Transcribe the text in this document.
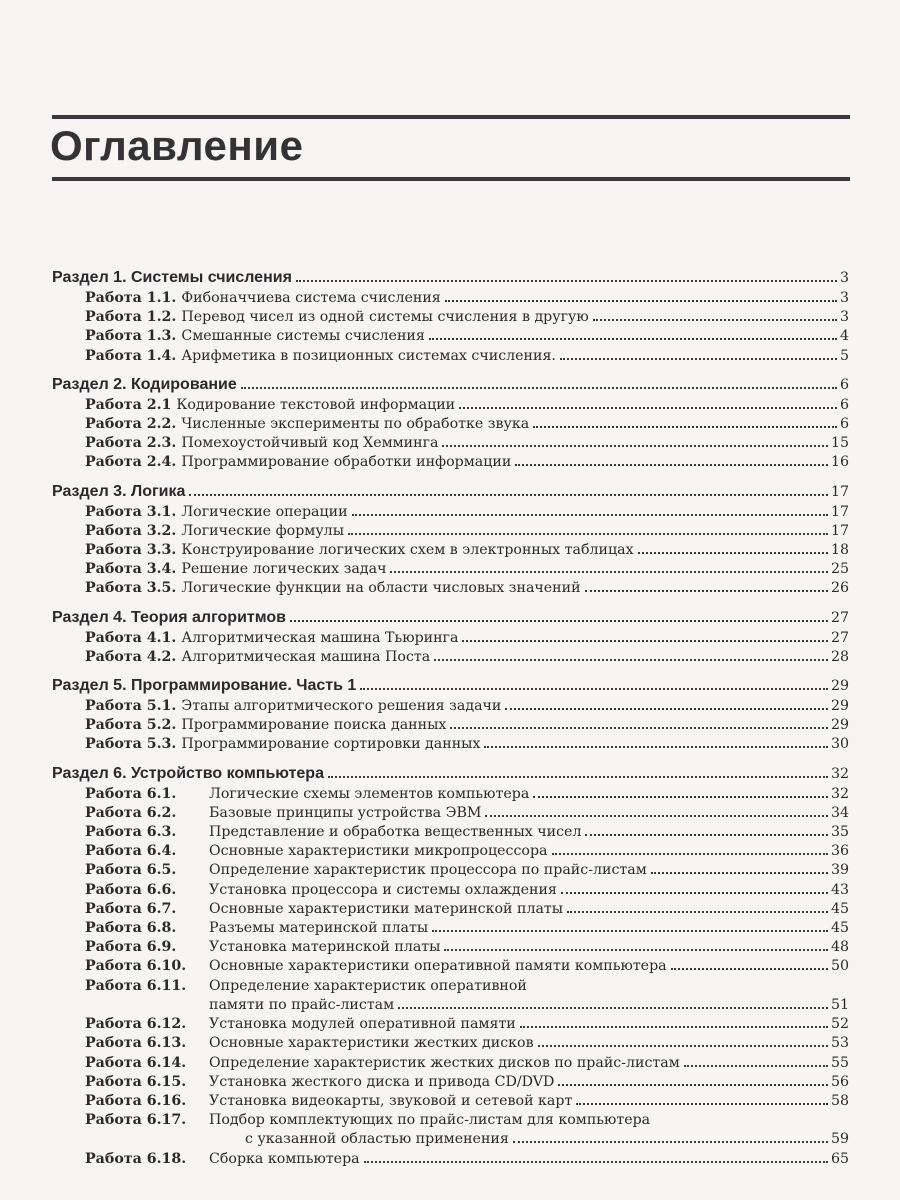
Оглавление
Раздел 1. Системы счисления	3
Работа 1.1. Фибоначчиева система счисления	3
Работа 1.2. Перевод чисел из одной системы счисления в другую	3
Работа 1.3. Смешанные системы счисления	4
Работа 1.4. Арифметика в позиционных системах счисления.	5
Раздел 2. Кодирование	6
Работа 2.1 Кодирование текстовой информации	6
Работа 2.2. Численные эксперименты по обработке звука	6
Работа 2.3. Помехоустойчивый код Хемминга	15
Работа 2.4. Программирование обработки информации	16
Раздел 3. Логика	17
Работа 3.1. Логические операции	17
Работа 3.2. Логические формулы	17
Работа 3.3. Конструирование логических схем в электронных таблицах	18
Работа 3.4. Решение логических задач	25
Работа 3.5. Логические функции на области числовых значений	26
Раздел 4. Теория алгоритмов	27
Работа 4.1. Алгоритмическая машина Тьюринга	27
Работа 4.2. Алгоритмическая машина Поста	28
Раздел 5. Программирование. Часть 1	29
Работа 5.1. Этапы алгоритмического решения задачи	29
Работа 5.2. Программирование поиска данных	29
Работа 5.3. Программирование сортировки данных	30
Раздел 6. Устройство компьютера	32
Работа 6.1.	Логические схемы элементов компьютера	32
Работа 6.2.	Базовые принципы устройства ЭВМ	34
Работа 6.3.	Представление и обработка вещественных чисел	35
Работа 6.4.	Основные характеристики микропроцессора	36
Работа 6.5.	Определение характеристик процессора по прайс-листам	39
Работа 6.6.	Установка процессора и системы охлаждения	43
Работа 6.7.	Основные характеристики материнской платы	45
Работа 6.8.	Разъемы материнской платы	45
Работа 6.9.	Установка материнской платы	48
Работа 6.10.	Основные характеристики оперативной памяти компьютера	50
Работа 6.11.	Определение характеристик оперативной
памяти по прайс-листам	51
Работа 6.12.	Установка модулей оперативной памяти	52
Работа 6.13.	Основные характеристики жестких дисков	53
Работа 6.14.	Определение характеристик жестких дисков по прайс-листам	55
Работа 6.15.	Установка жесткого диска и привода CD/DVD	56
Работа 6.16.	Установка видеокарты, звуковой и сетевой карт	58
Работа 6.17.	Подбор комплектующих по прайс-листам для компьютера
с указанной областью применения	59
Работа 6.18.	Сборка компьютера	65
